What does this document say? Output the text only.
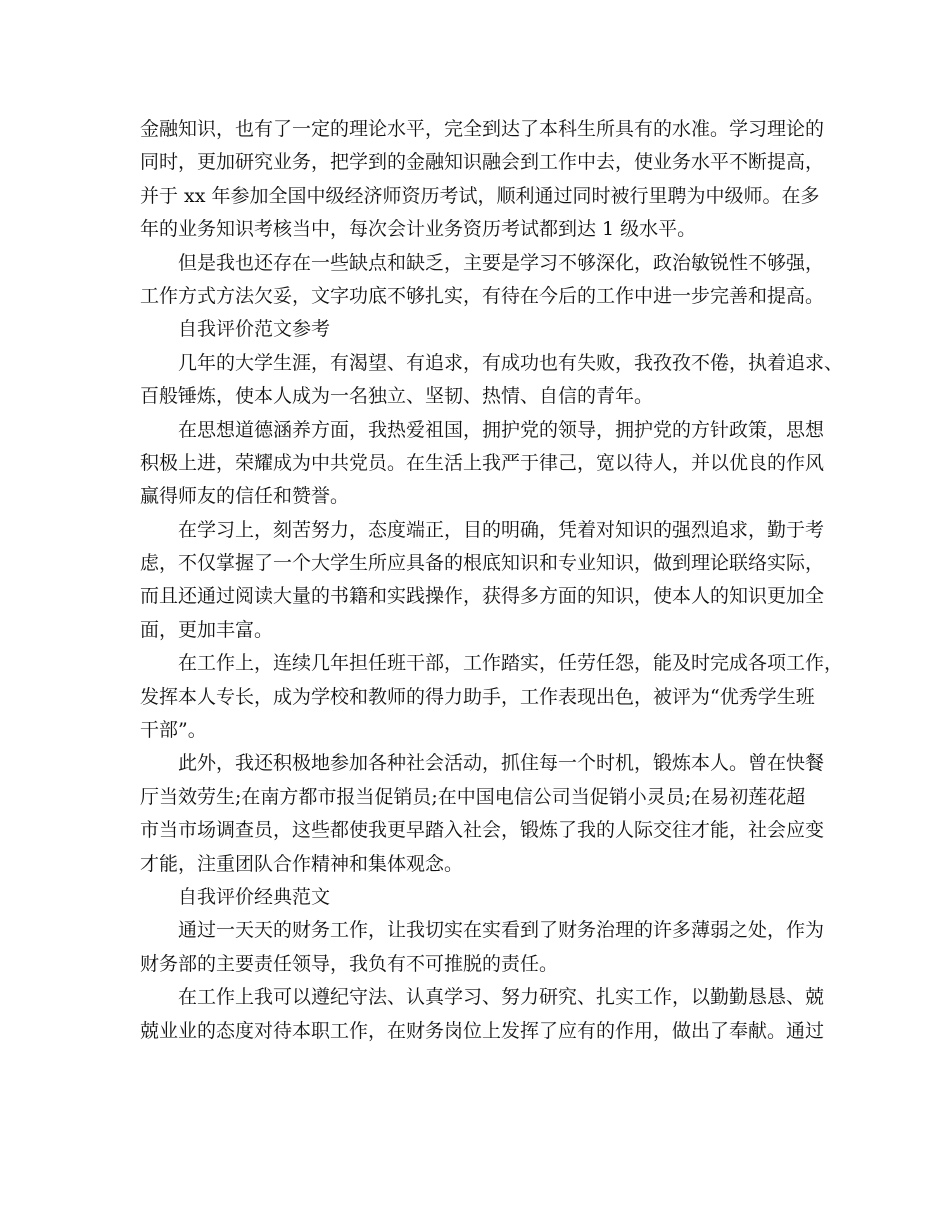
金融知识，也有了一定的理论水平，完全到达了本科生所具有的水准。学习理论的
同时，更加研究业务，把学到的金融知识融会到工作中去，使业务水平不断提高，
并于 xx 年参加全国中级经济师资历考试，顺利通过同时被行里聘为中级师。在多
年的业务知识考核当中，每次会计业务资历考试都到达 1 级水平。
但是我也还存在一些缺点和缺乏，主要是学习不够深化，政治敏锐性不够强，
工作方式方法欠妥，文字功底不够扎实，有待在今后的工作中进一步完善和提高。
自我评价范文参考
几年的大学生涯，有渴望、有追求，有成功也有失败，我孜孜不倦，执着追求、
百般锤炼，使本人成为一名独立、坚韧、热情、自信的青年。
在思想道德涵养方面，我热爱祖国，拥护党的领导，拥护党的方针政策，思想
积极上进，荣耀成为中共党员。在生活上我严于律己，宽以待人，并以优良的作风
赢得师友的信任和赞誉。
在学习上，刻苦努力，态度端正，目的明确，凭着对知识的强烈追求，勤于考
虑，不仅掌握了一个大学生所应具备的根底知识和专业知识，做到理论联络实际，
而且还通过阅读大量的书籍和实践操作，获得多方面的知识，使本人的知识更加全
面，更加丰富。
在工作上，连续几年担任班干部，工作踏实，任劳任怨，能及时完成各项工作，
发挥本人专长，成为学校和教师的得力助手，工作表现出色，被评为“优秀学生班
干部”。
此外，我还积极地参加各种社会活动，抓住每一个时机，锻炼本人。曾在快餐
厅当效劳生;在南方都市报当促销员;在中国电信公司当促销小灵员;在易初莲花超
市当市场调查员，这些都使我更早踏入社会，锻炼了我的人际交往才能，社会应变
才能，注重团队合作精神和集体观念。
自我评价经典范文
通过一天天的财务工作，让我切实在实看到了财务治理的许多薄弱之处，作为
财务部的主要责任领导，我负有不可推脱的责任。
在工作上我可以遵纪守法、认真学习、努力研究、扎实工作，以勤勤恳恳、兢
兢业业的态度对待本职工作，在财务岗位上发挥了应有的作用，做出了奉献。通过
